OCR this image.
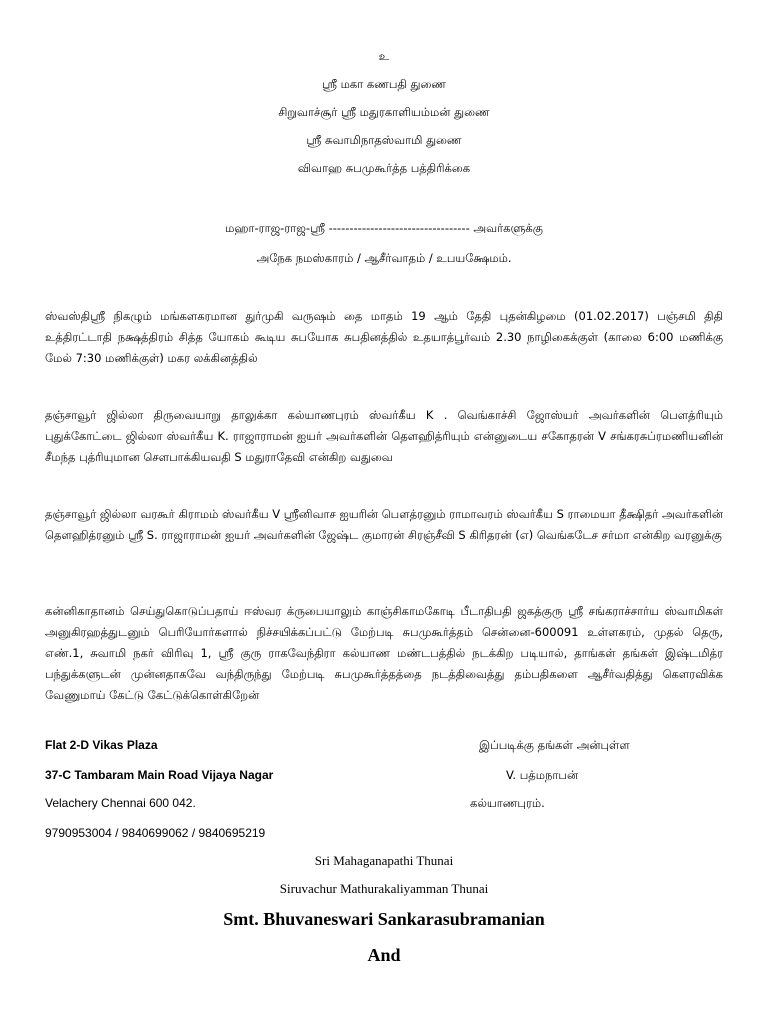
உ
ஸ்ரீ மகா கணபதி துணை
சிறுவாச்சூர் ஸ்ரீ மதுரகாளியம்மன் துணை
ஸ்ரீ சுவாமிநாதஸ்வாமி துணை
விவாஹ சுபமுகூர்த்த பத்திரிக்கை
மஹா-ராஜ-ராஜ-ஸ்ரீ ---------------------------------- அவர்களுக்கு
அநேக நமஸ்காரம் / ஆசீர்வாதம் / உபயக்ஷேமம்.
ஸ்வஸ்திஸ்ரீ நிகழும் மங்களகரமான துர்முகி வருஷம் தை மாதம் 19 ஆம் தேதி புதன்கிழமை (01.02.2017) பஞ்சமி திதி உத்திரட்டாதி நக்ஷத்திரம் சித்த யோகம் கூடிய சுபயோக சுபதினத்தில் உதயாத்பூர்வம் 2.30 நாழிகைக்குள் (காலை 6:00 மணிக்கு மேல் 7:30 மணிக்குள்) மகர லக்கினத்தில்
தஞ்சாவூர் ஜில்லா திருவையாறு தாலுக்கா கல்யாணபுரம் ஸ்வர்கீய K . வெங்காச்சி ஜோஸ்யர் அவர்களின் பௌத்ரியும் புதுக்கோட்டை ஜில்லா ஸ்வர்கீய K. ராஜாராமன் ஐயர் அவர்களின் தௌஹித்ரியும் என்னுடைய சகோதரன் V சங்கரசுப்ரமணியனின் சீமந்த புத்ரியுமான சௌபாக்கியவதி S மதுராதேவி என்கிற வதுவை
தஞ்சாவூர் ஜில்லா வரகூர் கிராமம் ஸ்வர்கீய V ஸ்ரீனிவாச ஐயரின் பௌத்ரனும் ராமாவரம் ஸ்வர்கீய S ராமையா தீக்ஷிதர் அவர்களின் தௌஹித்ரனும் ஸ்ரீ S. ராஜாராமன் ஐயர் அவர்களின் ஜேஷ்ட குமாரன் சிரஞ்சீவி S கிரிதரன் (எ) வெங்கடேச சர்மா என்கிற வரனுக்கு
கன்னிகாதானம் செய்துகொடுப்பதாய் ஈஸ்வர க்ருபையாலும் காஞ்சிகாமகோடி பீடாதிபதி ஜகத்குரு ஸ்ரீ சங்கராச்சார்ய ஸ்வாமிகள் அனுகிரஹத்துடனும் பெரியோர்களால் நிச்சயிக்கப்பட்டு மேற்படி சுபமுகூர்த்தம் சென்னை-600091 உள்ளகரம், முதல் தெரு, எண்.1, சுவாமி நகர் விரிவு 1, ஸ்ரீ குரு ராகவேந்திரா கல்யாண மண்டபத்தில் நடக்கிற படியால், தாங்கள் தங்கள் இஷ்டமித்ர பந்துக்களுடன் முன்னதாகவே வந்திருந்து மேற்படி சுபமுகூர்த்தத்தை நடத்திவைத்து தம்பதிகளை ஆசீர்வதித்து கௌரவிக்க வேணுமாய் கேட்டு கேட்டுக்கொள்கிறேன்
Flat 2-D Vikas Plaza
37-C Tambaram Main Road Vijaya Nagar
Velachery Chennai 600 042.
9790953004 / 9840699062 / 9840695219
இப்படிக்கு தங்கள் அன்புள்ள
V. பத்மநாபன்
கல்யாணபுரம்.
Sri Mahaganapathi Thunai
Siruvachur Mathurakaliyamman Thunai
Smt. Bhuvaneswari Sankarasubramanian
And
